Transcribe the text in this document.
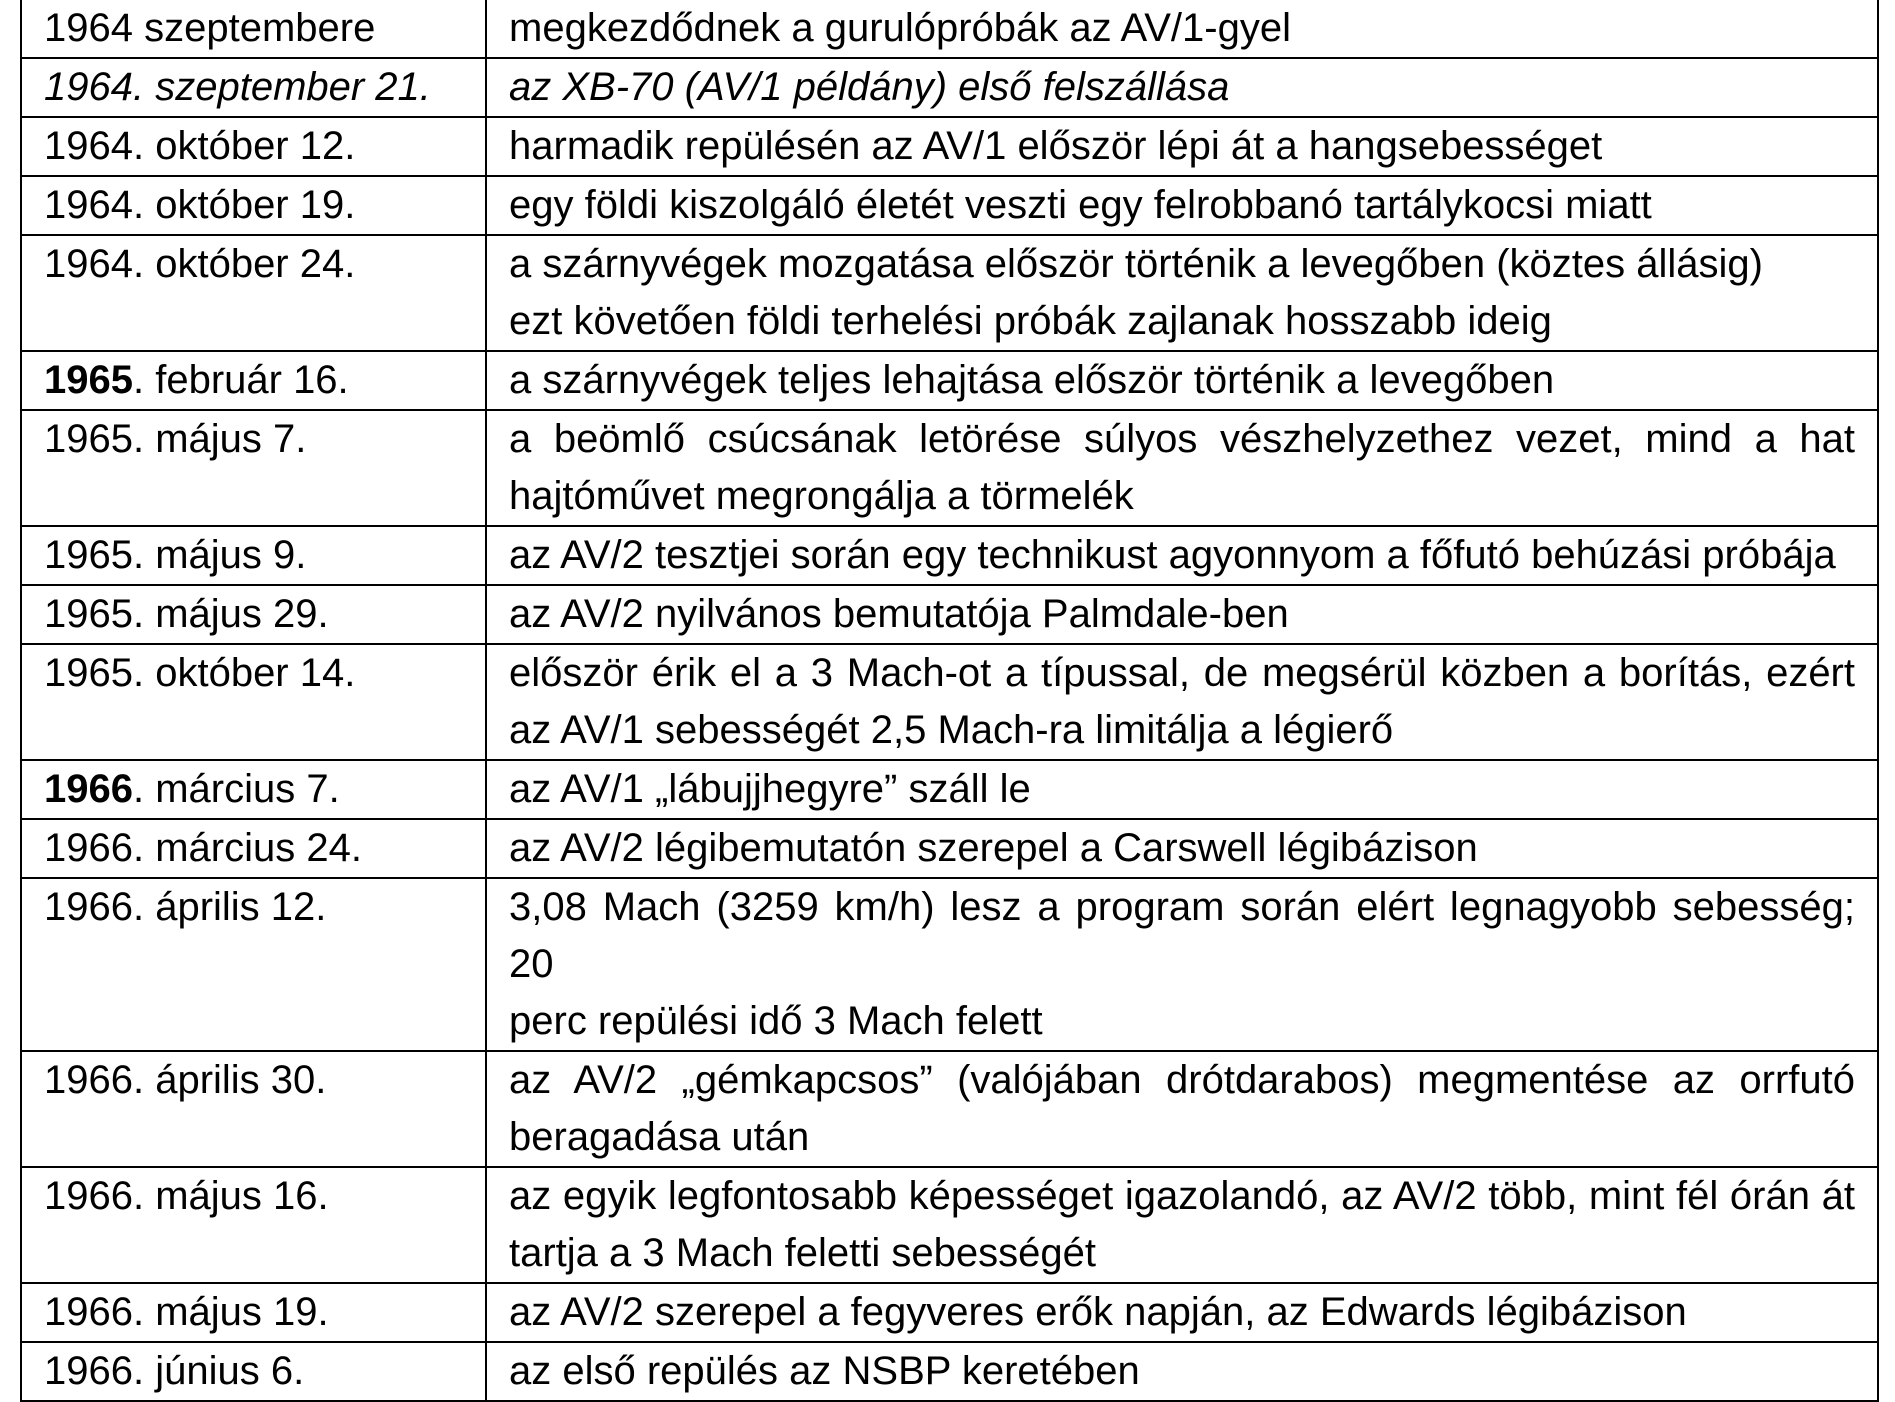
1964 szeptembere	megkezdődnek a gurulópróbák az AV/1-gyel
1964. szeptember 21.	az XB-70 (AV/1 példány) első felszállása
1964. október 12.	harmadik repülésén az AV/1 először lépi át a hangsebességet
1964. október 19.	egy földi kiszolgáló életét veszti egy felrobbanó tartálykocsi miatt
1964. október 24.	a szárnyvégek mozgatása először történik a levegőben (köztes állásig)
ezt követően földi terhelési próbák zajlanak hosszabb ideig

1965. február 16.	a szárnyvégek teljes lehajtása először történik a levegőben
1965. május 7.	a beömlő csúcsának letörése súlyos vészhelyzethez vezet, mind a hat
hajtóművet megrongálja a törmelék

1965. május 9.	az AV/2 tesztjei során egy technikust agyonnyom a főfutó behúzási próbája
1965. május 29.	az AV/2 nyilvános bemutatója Palmdale-ben
1965. október 14.	először érik el a 3 Mach-ot a típussal, de megsérül közben a borítás, ezért
az AV/1 sebességét 2,5 Mach-ra limitálja a légierő

1966. március 7.	az AV/1 „lábujjhegyre” száll le
1966. március 24.	az AV/2 légibemutatón szerepel a Carswell légibázison
1966. április 12.	3,08 Mach (3259 km/h) lesz a program során elért legnagyobb sebesség; 20
perc repülési idő 3 Mach felett

1966. április 30.	az AV/2 „gémkapcsos” (valójában drótdarabos) megmentése az orrfutó
beragadása után

1966. május 16.	az egyik legfontosabb képességet igazolandó, az AV/2 több, mint fél órán át
tartja a 3 Mach feletti sebességét

1966. május 19.	az AV/2 szerepel a fegyveres erők napján, az Edwards légibázison
1966. június 6.	az első repülés az NSBP keretében
